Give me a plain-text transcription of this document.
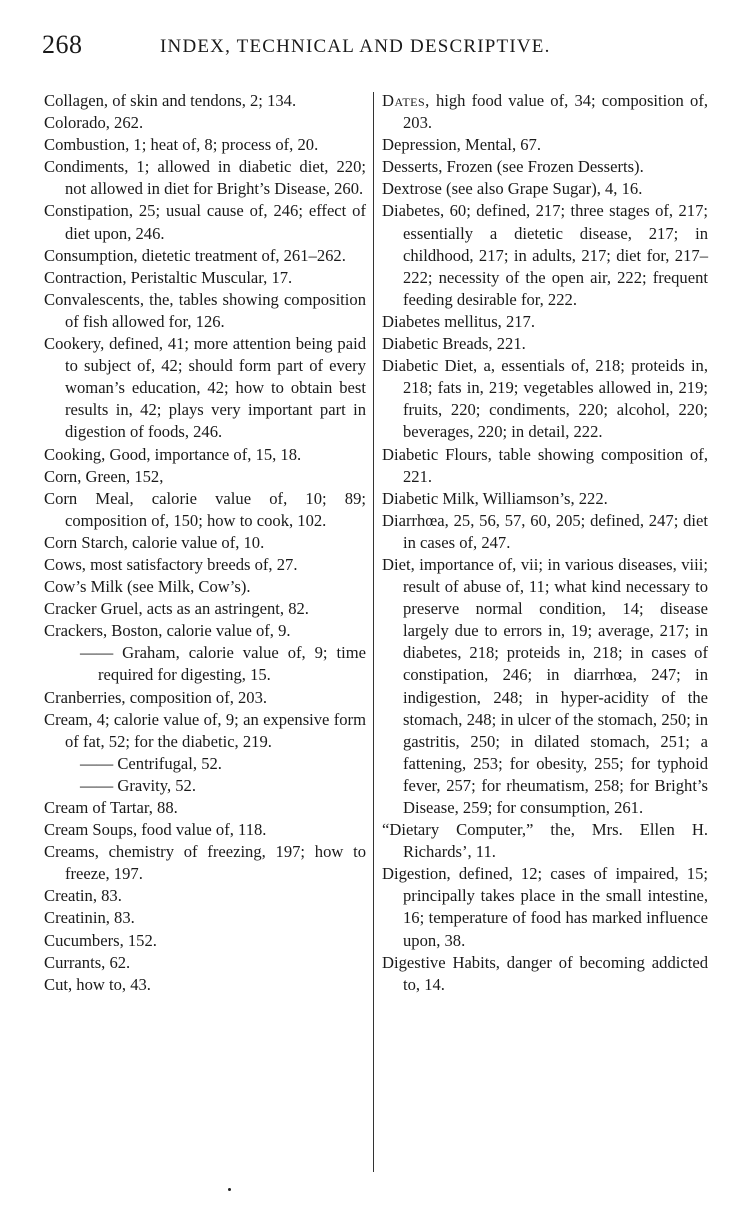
268	INDEX, TECHNICAL AND DESCRIPTIVE.
Collagen, of skin and tendons, 2; 134.
Colorado, 262.
Combustion, 1; heat of, 8; process of, 20.
Condiments, 1; allowed in diabetic diet, 220; not allowed in diet for Bright’s Disease, 260.
Constipation, 25; usual cause of, 246; effect of diet upon, 246.
Consumption, dietetic treatment of, 261–262.
Contraction, Peristaltic Muscular, 17.
Convalescents, the, tables showing composition of fish allowed for, 126.
Cookery, defined, 41; more attention being paid to subject of, 42; should form part of every woman’s education, 42; how to obtain best results in, 42; plays very important part in digestion of foods, 246.
Cooking, Good, importance of, 15, 18.
Corn, Green, 152,
Corn Meal, calorie value of, 10; 89; composition of, 150; how to cook, 102.
Corn Starch, calorie value of, 10.
Cows, most satisfactory breeds of, 27.
Cow’s Milk (see Milk, Cow’s).
Cracker Gruel, acts as an astringent, 82.
Crackers, Boston, calorie value of, 9.
—— Graham, calorie value of, 9; time required for digesting, 15.
Cranberries, composition of, 203.
Cream, 4; calorie value of, 9; an expensive form of fat, 52; for the diabetic, 219.
—— Centrifugal, 52.
—— Gravity, 52.
Cream of Tartar, 88.
Cream Soups, food value of, 118.
Creams, chemistry of freezing, 197; how to freeze, 197.
Creatin, 83.
Creatinin, 83.
Cucumbers, 152.
Currants, 62.
Cut, how to, 43.
Dates, high food value of, 34; composition of, 203.
Depression, Mental, 67.
Desserts, Frozen (see Frozen Desserts).
Dextrose (see also Grape Sugar), 4, 16.
Diabetes, 60; defined, 217; three stages of, 217; essentially a dietetic disease, 217; in childhood, 217; in adults, 217; diet for, 217–222; necessity of the open air, 222; frequent feeding desirable for, 222.
Diabetes mellitus, 217.
Diabetic Breads, 221.
Diabetic Diet, a, essentials of, 218; proteids in, 218; fats in, 219; vegetables allowed in, 219; fruits, 220; condiments, 220; alcohol, 220; beverages, 220; in detail, 222.
Diabetic Flours, table showing composition of, 221.
Diabetic Milk, Williamson’s, 222.
Diarrhœa, 25, 56, 57, 60, 205; defined, 247; diet in cases of, 247.
Diet, importance of, vii; in various diseases, viii; result of abuse of, 11; what kind necessary to preserve normal condition, 14; disease largely due to errors in, 19; average, 217; in diabetes, 218; proteids in, 218; in cases of constipation, 246; in diarrhœa, 247; in indigestion, 248; in hyper-acidity of the stomach, 248; in ulcer of the stomach, 250; in gastritis, 250; in dilated stomach, 251; a fattening, 253; for obesity, 255; for typhoid fever, 257; for rheumatism, 258; for Bright’s Disease, 259; for consumption, 261.
“Dietary Computer,” the, Mrs. Ellen H. Richards’, 11.
Digestion, defined, 12; cases of impaired, 15; principally takes place in the small intestine, 16; temperature of food has marked influence upon, 38.
Digestive Habits, danger of becoming addicted to, 14.
